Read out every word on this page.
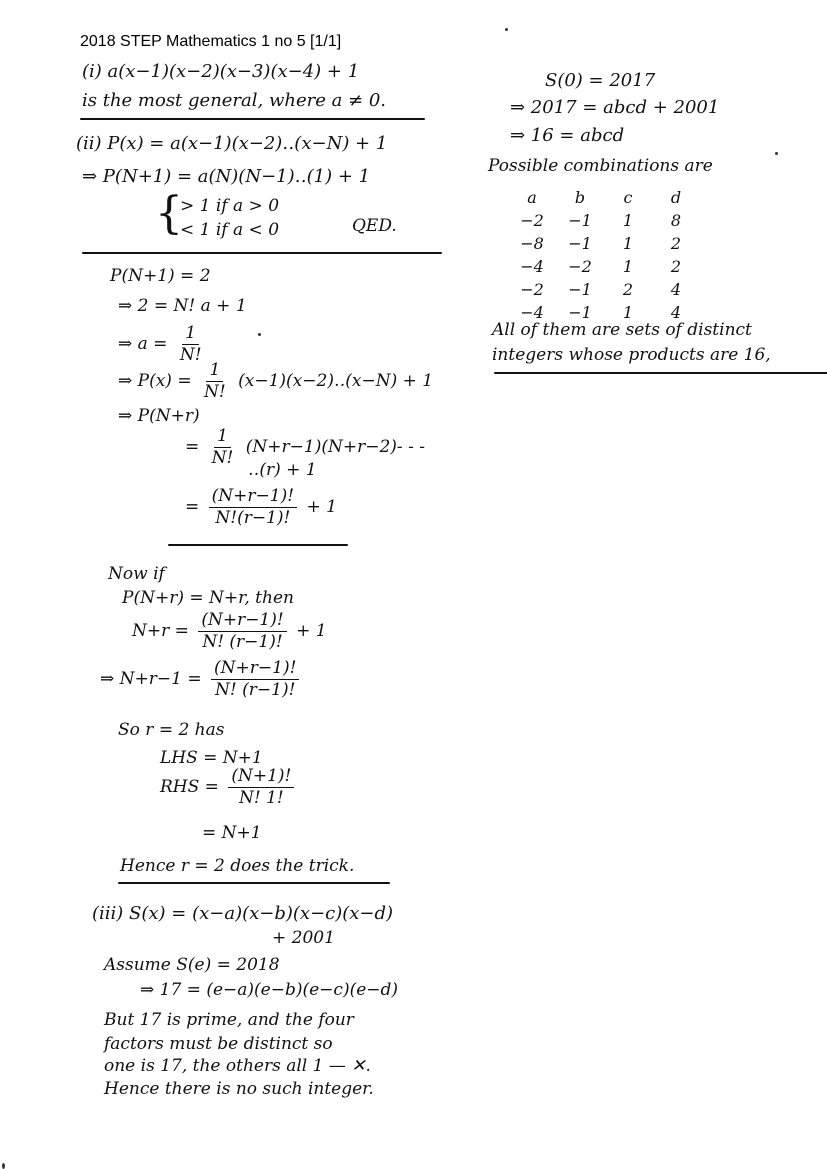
2018 STEP Mathematics 1 no 5 [1/1]
(i) a(x−1)(x−2)(x−3)(x−4) + 1
is the most general, where a ≠ 0.
(ii) P(x) = a(x−1)(x−2)‥(x−N) + 1
⇒ P(N+1) = a(N)(N−1)‥(1) + 1
{
> 1 if a > 0
< 1 if a < 0	QED.
P(N+1) = 2
⇒ 2 = N! a + 1
⇒ $a = \frac{1}{N!}$
⇒ $P(x) = \frac{1}{N!}$ (x−1)(x−2)‥(x−N) + 1
⇒ P(N+r)
= $\frac{1}{N!} (N+r-1)(N+r-2)-$ - -
‥(r) + 1
= $\frac{(N+r-1)!}{N!(r-1)!} + 1$
Now if
P(N+r) = N+r, then
$N+r = \frac{(N+r-1)!}{N! (r-1)!} + 1$
⇒ $N+r-1 = \frac{(N+r-1)!}{N! (r-1)!}$
So r = 2 has
LHS = N+1
RHS = $\frac{(N+1)!}{N! 1!}$
= N+1
Hence r = 2 does the trick.
(iii) S(x) = (x−a)(x−b)(x−c)(x−d)
+ 2001
Assume S(e) = 2018
⇒ 17 = (e−a)(e−b)(e−c)(e−d)
But 17 is prime, and the four
factors must be distinct so
one is 17, the others all 1 — ✕.
Hence there is no such integer.
S(0) = 2017
⇒ 2017 = abcd + 2001
⇒ 16 = abcd
Possible combinations are
a	b	c	d
−2	−1	1	8
−8	−1	1	2
−4	−2	1	2
−2	−1	2	4
−4	−1	1	4
All of them are sets of distinct
integers whose products are 16,
